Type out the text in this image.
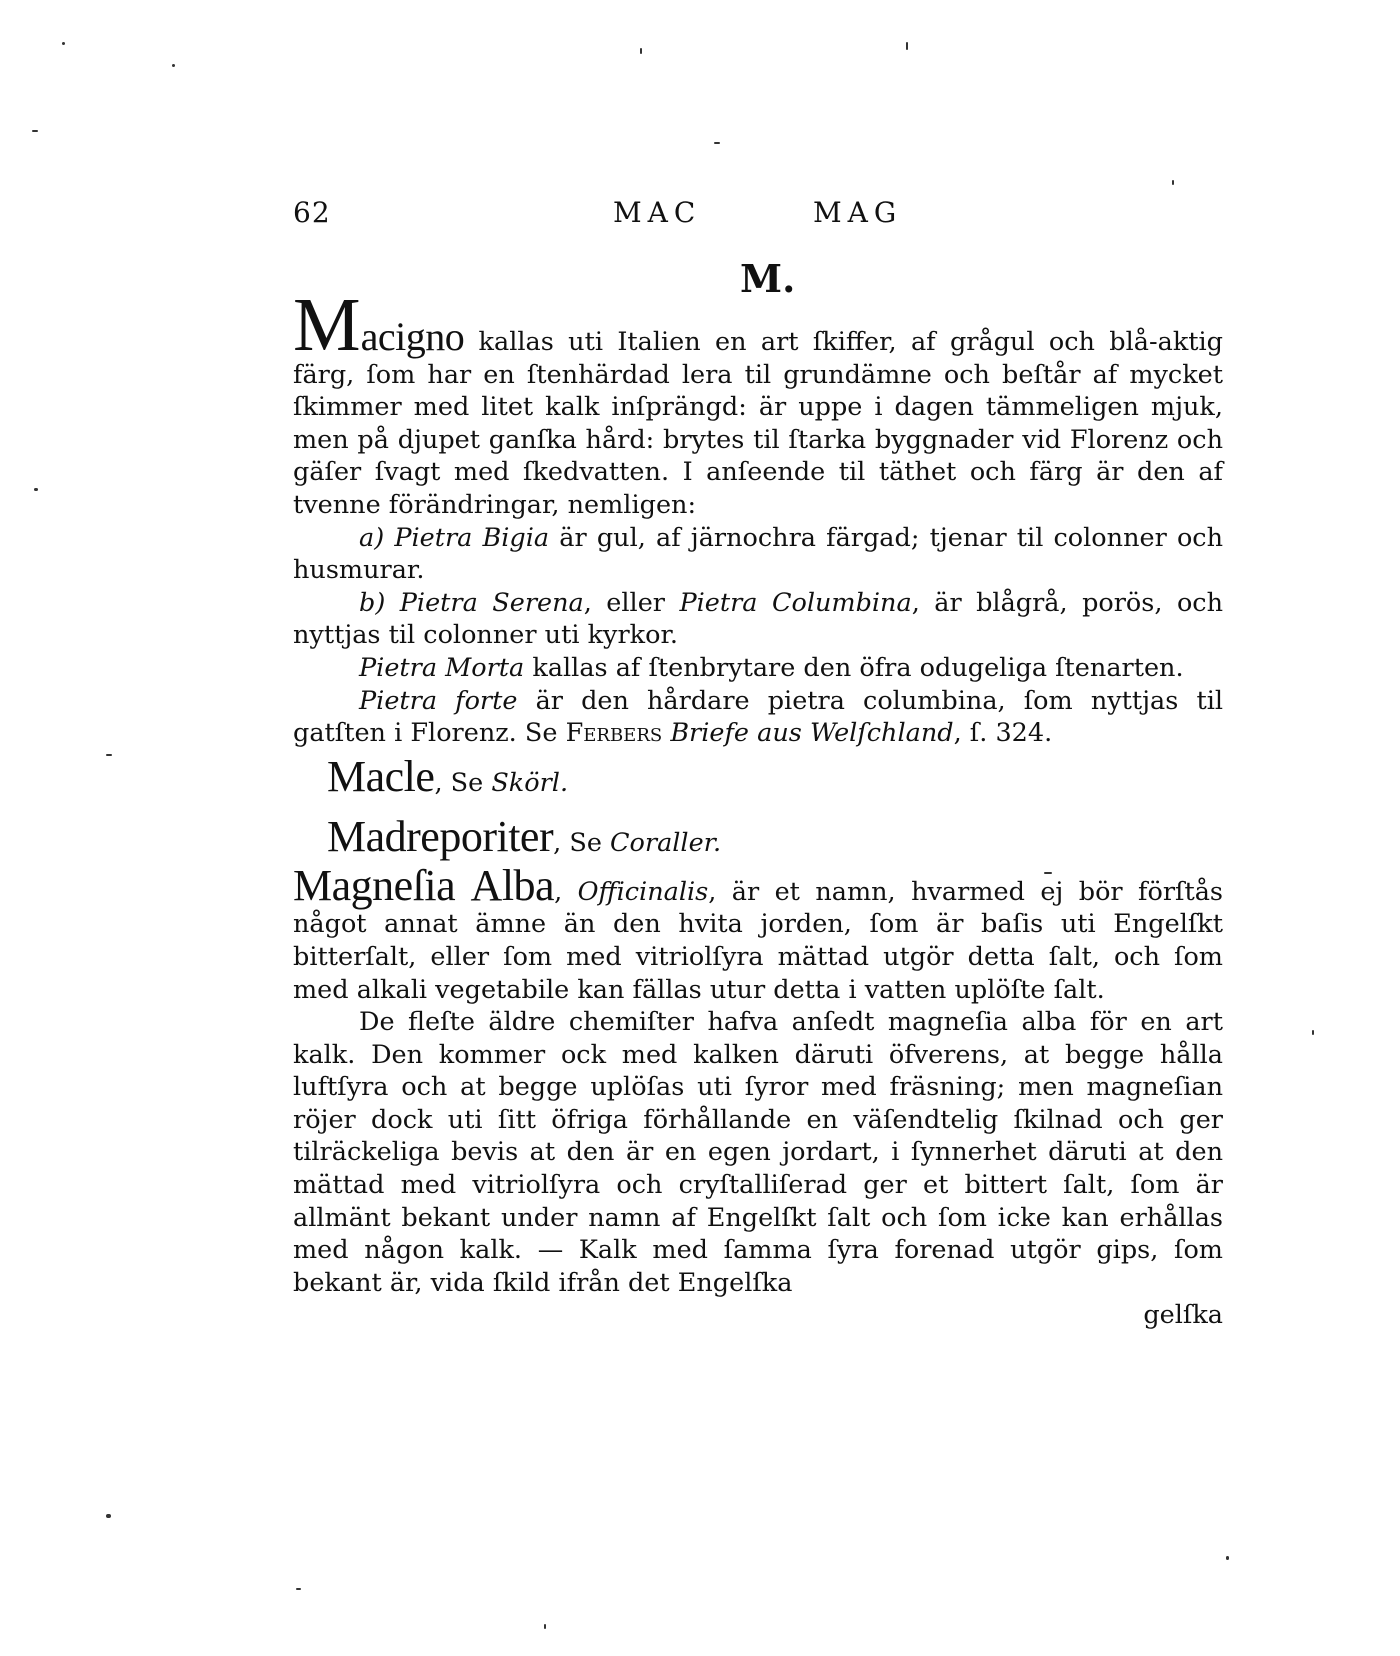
62	MAC	MAG
M.

Macigno kallas uti Italien en art ſkiffer, af grågul och blå-aktig färg, ſom har en ſtenhärdad lera til grundämne och beſtår af mycket ſkimmer med litet kalk inſprängd: är uppe i dagen tämmeligen mjuk, men på djupet ganſka hård: brytes til ſtarka byggnader vid Florenz och gäſer ſvagt med ſkedvatten. I anſeende til täthet och färg är den af tvenne förändringar, nemligen:

a) Pietra Bigia är gul, af järnochra färgad; tjenar til colonner och husmurar.

b) Pietra Serena, eller Pietra Columbina, är blågrå, porös, och nyttjas til colonner uti kyrkor.

Pietra Morta kallas af ſtenbrytare den öfra odugeliga ſtenarten.

Pietra forte är den hårdare pietra columbina, ſom nyttjas til gatſten i Florenz. Se Ferbers Briefe aus Welſchland, ſ. 324.

Macle, Se Skörl.

Madreporiter, Se Coraller.

Magneſia Alba, Officinalis, är et namn, hvarmed ej bör förſtås något annat ämne än den hvita jorden, ſom är baſis uti Engelſkt bitterſalt, eller ſom med vitriolſyra mättad utgör detta ſalt, och ſom med alkali vegetabile kan fällas utur detta i vatten uplöſte ſalt.

De fleſte äldre chemiſter hafva anſedt magneſia alba för en art kalk. Den kommer ock med kalken däruti öfverens, at begge hålla luftſyra och at begge uplöſas uti ſyror med fräsning; men magneſian röjer dock uti ſitt öfriga förhållande en väſendtelig ſkilnad och ger tilräckeliga bevis at den är en egen jordart, i ſynnerhet däruti at den mättad med vitriolſyra och cryſtalliſerad ger et bittert ſalt, ſom är allmänt bekant under namn af Engelſkt ſalt och ſom icke kan erhållas med någon kalk. — Kalk med ſamma ſyra forenad utgör gips, ſom bekant är, vida ſkild ifrån det Engelſka

gelſka
